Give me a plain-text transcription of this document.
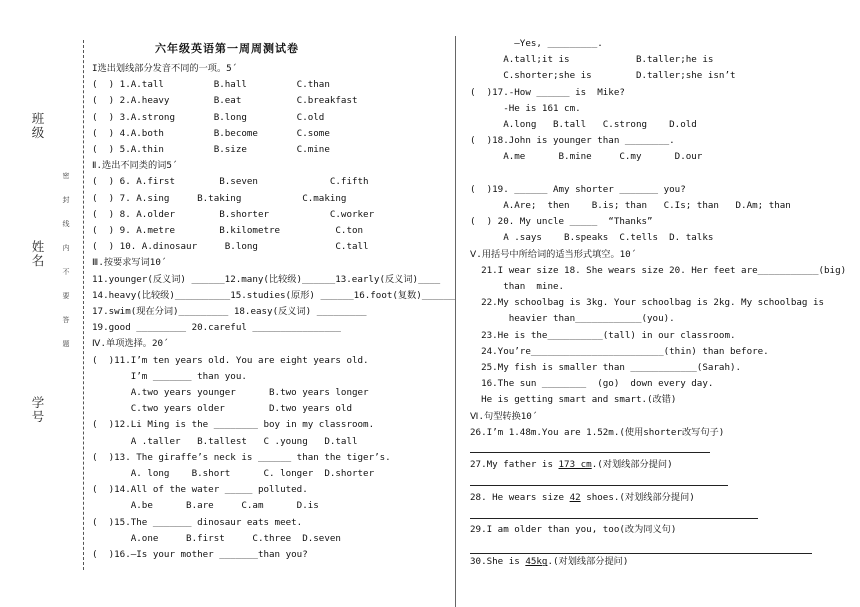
班
级
姓
名
学
号
密
封
线
内
不
要
答
题
六年级英语第一周周测试卷
I选出划线部分发音不同的一项。5´
(  ) 1.A.tall         B.hall         C.than
(  ) 2.A.heavy        B.eat          C.breakfast
(  ) 3.A.strong       B.long         C.old
(  ) 4.A.both         B.become       C.some
(  ) 5.A.thin         B.size         C.mine
Ⅱ.选出不同类的词5´
(  ) 6. A.first        B.seven             C.fifth
(  ) 7. A.sing     B.taking           C.making
(  ) 8. A.older        B.shorter           C.worker
(  ) 9. A.metre        B.kilometre          C.ton
(  ) 10. A.dinosaur     B.long              C.tall
Ⅲ.按要求写词10´
11.younger(反义词) ______12.many(比较级)______13.early(反义词)____
14.heavy(比较级)__________15.studies(原形) ______16.foot(复数)______
17.swim(现在分词)_________ 18.easy(反义词) _________
19.good _________ 20.careful ________________
Ⅳ.单项选择。20´
(  )11.I’m ten years old. You are eight years old.
I’m _______ than you.
A.two years younger      B.two years longer
C.two years older        D.two years old
(  )12.Li Ming is the ________ boy in my classroom.
A .taller   B.tallest   C .young   D.tall
(  )13. The giraffe’s neck is ______ than the tiger’s.
A. long    B.short      C. longer  D.shorter
(  )14.All of the water _____ polluted.
A.be      B.are     C.am      D.is
(  )15.The _______ dinosaur eats meet.
A.one     B.first     C.three  D.seven
(  )16.—Is your mother _______than you?
—Yes, _________.
A.tall;it is            B.taller;he is
C.shorter;she is        D.taller;she isn’t
(  )17.-How ______ is  Mike?
-He is 161 cm.
A.long   B.tall   C.strong    D.old
(  )18.John is younger than ________.
A.me      B.mine     C.my      D.our
(  )19. ______ Amy shorter _______ you?
A.Are;  then    B.is; than   C.Is; than   D.Am; than
(  ) 20. My uncle _____  “Thanks”
A .says    B.speaks  C.tells  D. talks
Ⅴ.用括号中所给词的适当形式填空。10´
21.I wear size 18. She wears size 20. Her feet are___________(big)
than  mine.
22.My schoolbag is 3kg. Your schoolbag is 2kg. My schoolbag is
heavier than____________(you).
23.He is the__________(tall) in our classroom.
24.You’re________________________(thin) than before.
25.My fish is smaller than ____________(Sarah).
16.The sun ________  (go)  down every day.
He is getting smart and smart.(改错)
Ⅵ.句型转换10´
26.I’m 1.48m.You are 1.52m.(使用shorter改写句子)
27.My father is 173 cm.(对划线部分提问)
28. He wears size 42 shoes.(对划线部分提问)
29.I am older than you, too(改为同义句)
30.She is 45kg.(对划线部分提问)
